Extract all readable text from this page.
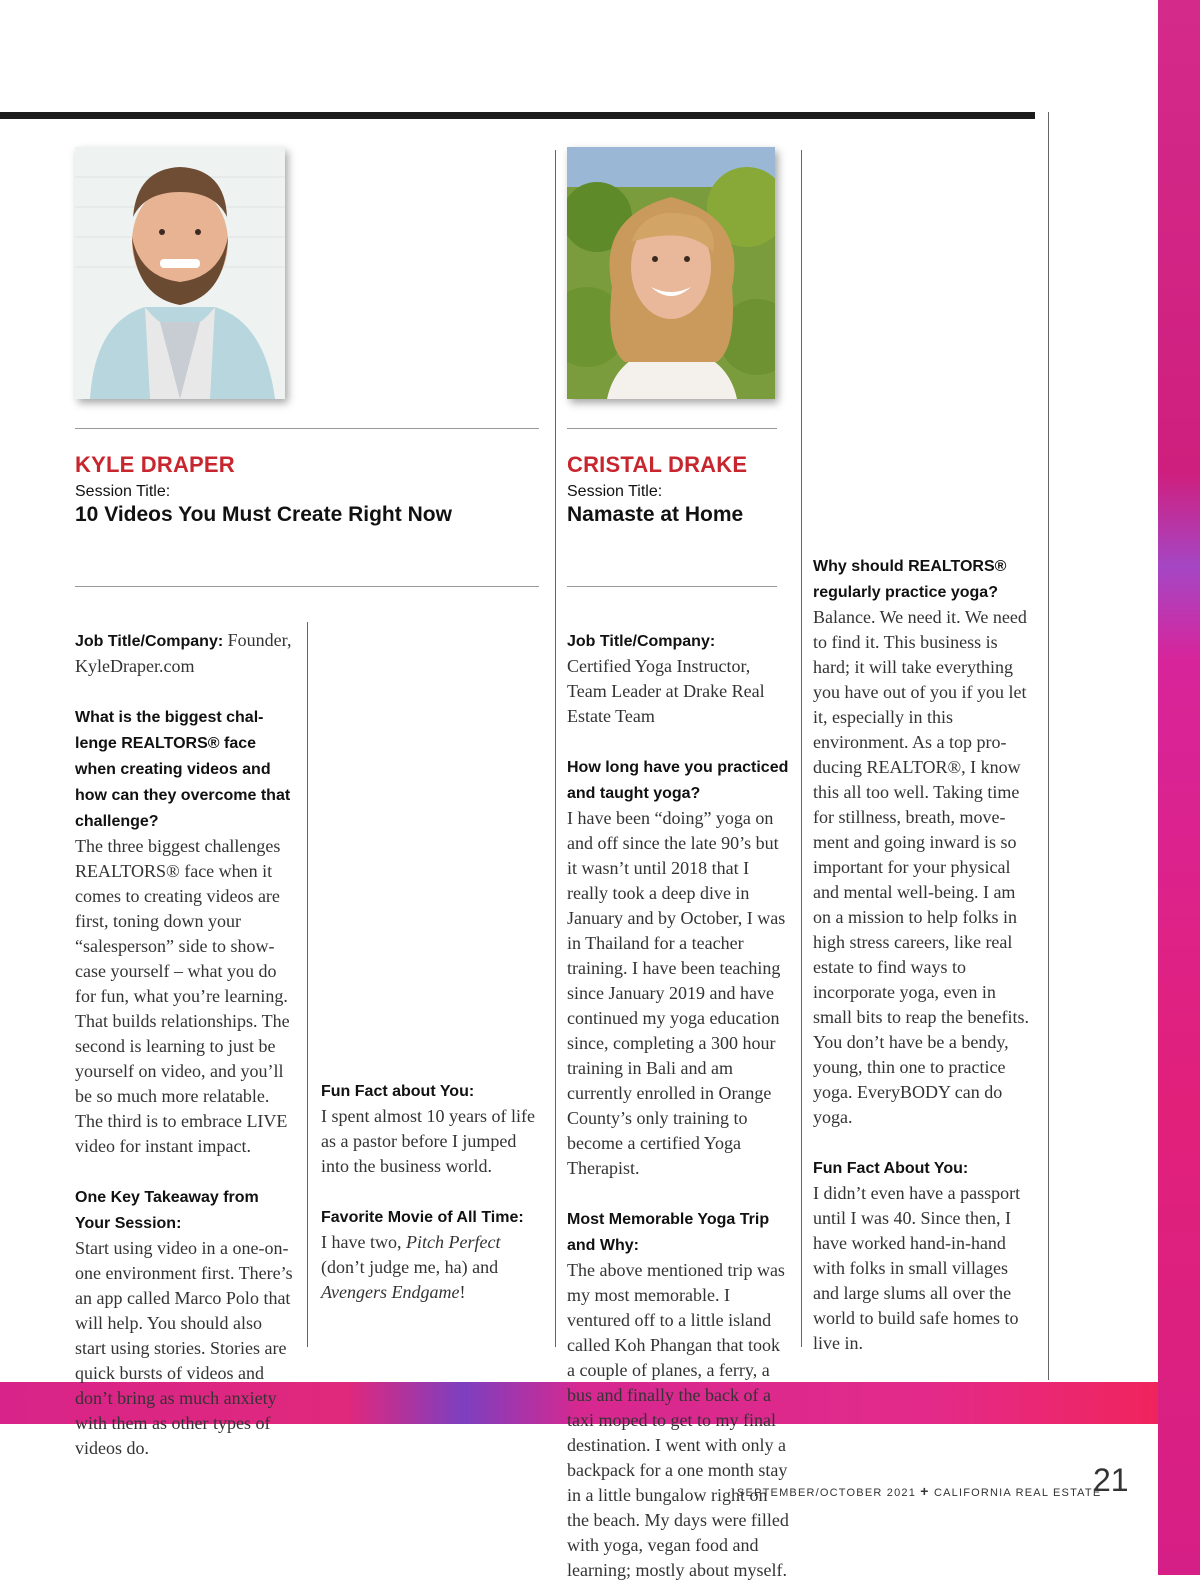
KYLE DRAPER
Session Title:
10 Videos You Must Create Right Now
CRISTAL DRAKE
Session Title:
Namaste at Home

Job Title/Company: Founder, KyleDraper.com

What is the biggest challenge REALTORS® face when creating videos and how can they overcome that challenge?
The three biggest challenges REALTORS® face when it comes to creating videos are first, toning down your “salesperson” side to showcase yourself – what you do for fun, what you’re learning. That builds relationships. The second is learning to just be yourself on video, and you’ll be so much more relatable. The third is to embrace LIVE video for instant impact.

One Key Takeaway from Your Session:
Start using video in a one-on-one environment first. There’s an app called Marco Polo that will help. You should also start using stories. Stories are quick bursts of videos and don’t bring as much anxiety with them as other types of videos do.

Fun Fact about You:
I spent almost 10 years of life as a pastor before I jumped into the business world.

Favorite Movie of All Time:
I have two, Pitch Perfect (don’t judge me, ha) and Avengers Endgame!

Job Title/Company:
Certified Yoga Instructor, Team Leader at Drake Real Estate Team

How long have you practiced and taught yoga?
I have been “doing” yoga on and off since the late 90’s but it wasn’t until 2018 that I really took a deep dive in January and by October, I was in Thailand for a teacher training. I have been teaching since January 2019 and have continued my yoga education since, completing a 300 hour training in Bali and am currently enrolled in Orange County’s only training to become a certified Yoga Therapist.

Most Memorable Yoga Trip and Why:
The above mentioned trip was my most memorable. I ventured off to a little island called Koh Phangan that took a couple of planes, a ferry, a bus and finally the back of a taxi moped to get to my final destination. I went with only a backpack for a one month stay in a little bungalow right on the beach. My days were filled with yoga, vegan food and learning; mostly about myself.

Why should REALTORS® regularly practice yoga?
Balance. We need it. We need to find it. This business is hard; it will take everything you have out of you if you let it, especially in this environment. As a top producing REALTOR®, I know this all too well. Taking time for stillness, breath, movement and going inward is so important for your physical and mental well-being. I am on a mission to help folks in high stress careers, like real estate to find ways to incorporate yoga, even in small bits to reap the benefits. You don’t have be a bendy, young, thin one to practice yoga. EveryBODY can do yoga.

Fun Fact About You:
I didn’t even have a passport until I was 40. Since then, I have worked hand-in-hand with folks in small villages and large slums all over the world to build safe homes to live in.

SEPTEMBER/OCTOBER 2021 + CALIFORNIA REAL ESTATE
21
